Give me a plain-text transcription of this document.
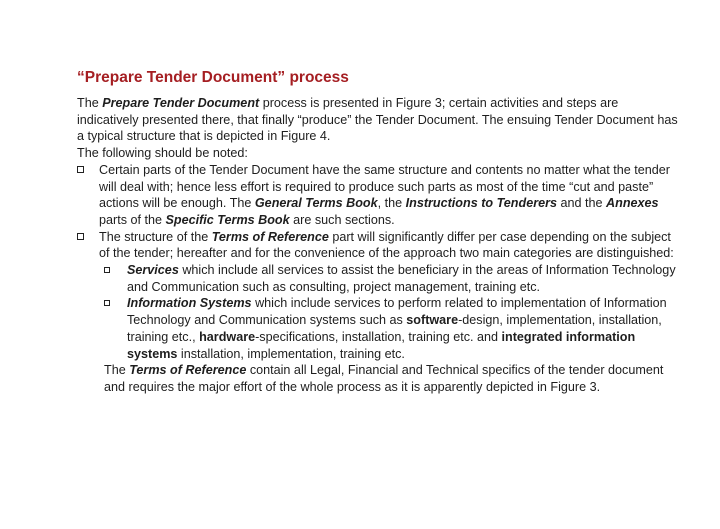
“Prepare Tender Document” process

The Prepare Tender Document process is presented in Figure 3; certain activities and steps are indicatively presented there, that finally “produce” the Tender Document. The ensuing Tender Document has a typical structure that is depicted in Figure 4.

The following should be noted:

Certain parts of the Tender Document have the same structure and contents no matter what the tender will deal with; hence less effort is required to produce such parts as most of the time “cut and paste” actions will be enough. The General Terms Book, the Instructions to Tenderers and the Annexes parts of the Specific Terms Book are such sections.
The structure of the Terms of Reference part will significantly differ per case depending on the subject of the tender; hereafter and for the convenience of the approach two main categories are distinguished:
Services which include all services to assist the beneficiary in the areas of Information Technology and Communication such as consulting, project management, training etc.
Information Systems which include services to perform related to implementation of Information Technology and Communication systems such as software-design, implementation, installation, training etc., hardware-specifications, installation, training etc. and integrated information systems installation, implementation, training etc.

The Terms of Reference contain all Legal, Financial and Technical specifics of the tender document and requires the major effort of the whole process as it is apparently depicted in Figure 3.
